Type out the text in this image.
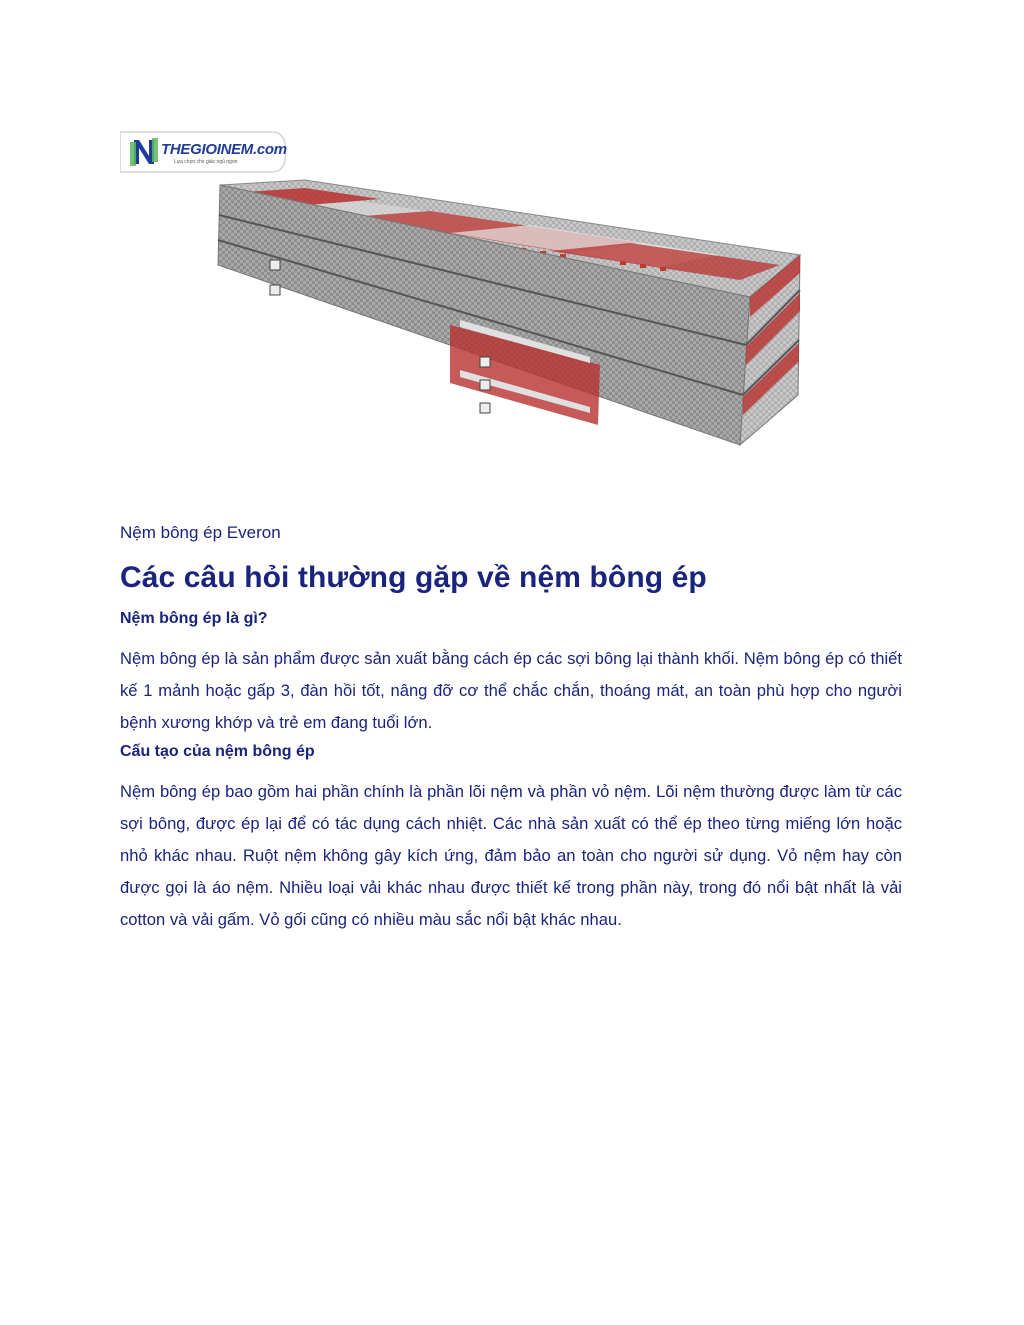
THEGIOINEM.com
Lựa chọn cho giấc ngủ ngon
Nệm bông ép Everon
Các câu hỏi thường gặp về nệm bông ép
Nệm bông ép là gì?

Nệm bông ép là sản phẩm được sản xuất bằng cách ép các sợi bông lại thành khối. Nệm bông ép có thiết kế 1 mảnh hoặc gấp 3, đàn hồi tốt, nâng đỡ cơ thể chắc chắn, thoáng mát, an toàn phù hợp cho người bệnh xương khớp và trẻ em đang tuổi lớn.

Cấu tạo của nệm bông ép

Nệm bông ép bao gồm hai phần chính là phần lõi nệm và phần vỏ nệm. Lõi nệm thường được làm từ các sợi bông, được ép lại để có tác dụng cách nhiệt. Các nhà sản xuất có thể ép theo từng miếng lớn hoặc nhỏ khác nhau. Ruột nệm không gây kích ứng, đảm bảo an toàn cho người sử dụng. Vỏ nệm hay còn được gọi là áo nệm. Nhiều loại vải khác nhau được thiết kế trong phần này, trong đó nổi bật nhất là vải cotton và vải gấm. Vỏ gối cũng có nhiều màu sắc nổi bật khác nhau.
